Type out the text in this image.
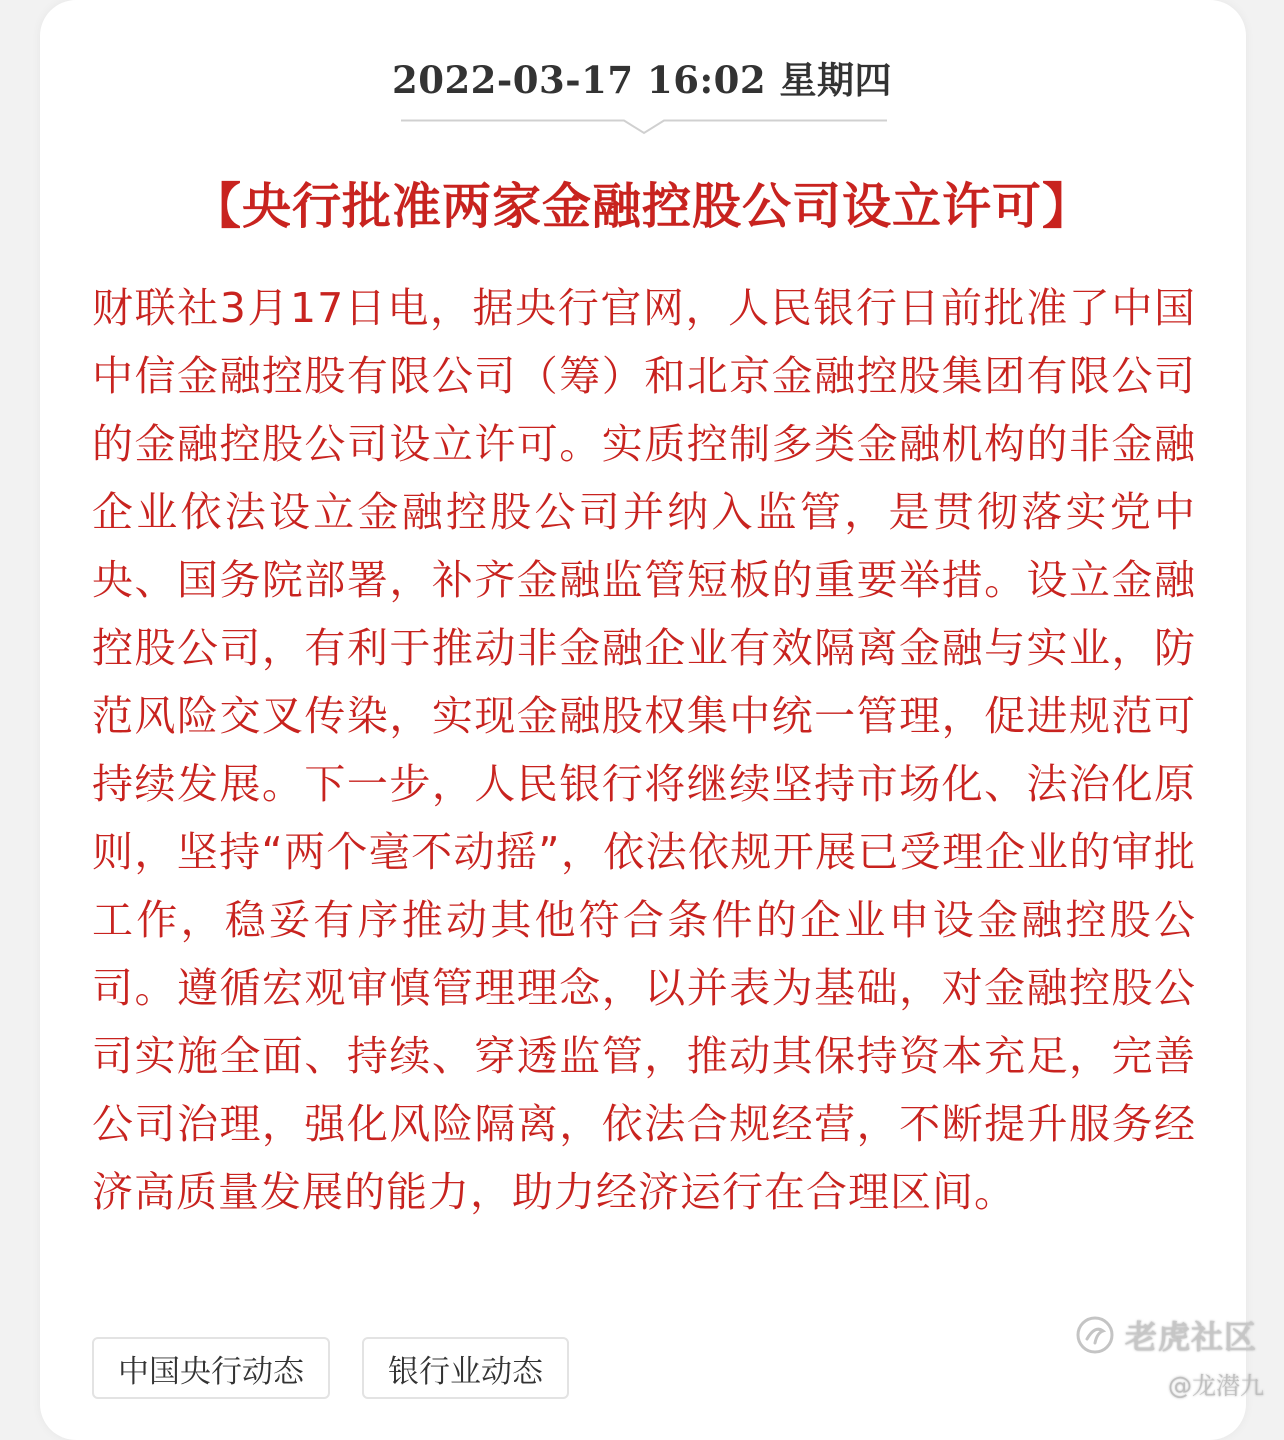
2022-03-17 16:02 星期四
【央行批准两家金融控股公司设立许可】

财联社3月17日电，据央行官网，人民银行日前批准了中国中信金融控股有限公司（筹）和北京金融控股集团有限公司的金融控股公司设立许可。实质控制多类金融机构的非金融企业依法设立金融控股公司并纳入监管，是贯彻落实党中央、国务院部署，补齐金融监管短板的重要举措。设立金融控股公司，有利于推动非金融企业有效隔离金融与实业，防范风险交叉传染，实现金融股权集中统一管理，促进规范可持续发展。下一步，人民银行将继续坚持市场化、法治化原则，坚持“两个毫不动摇”，依法依规开展已受理企业的审批工作，稳妥有序推动其他符合条件的企业申设金融控股公司。遵循宏观审慎管理理念，以并表为基础，对金融控股公司实施全面、持续、穿透监管，推动其保持资本充足，完善公司治理，强化风险隔离，依法合规经营，不断提升服务经济高质量发展的能力，助力经济运行在合理区间。

中国央行动态	银行业动态
老虎社区
@龙潜九
